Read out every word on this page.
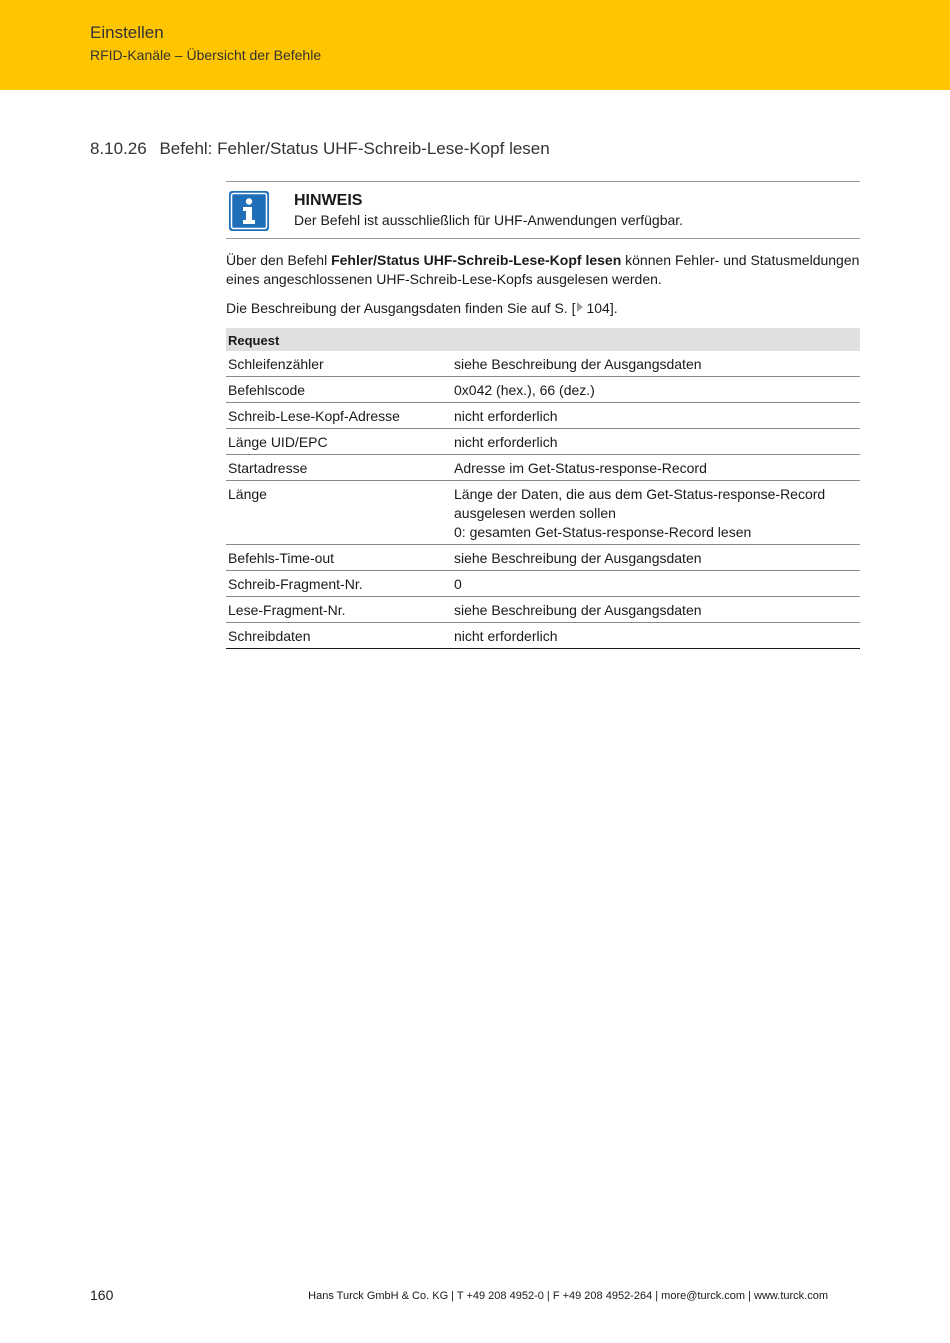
Einstellen
RFID-Kanäle – Übersicht der Befehle
8.10.26 Befehl: Fehler/Status UHF-Schreib-Lese-Kopf lesen
HINWEIS
Der Befehl ist ausschließlich für UHF-Anwendungen verfügbar.
Über den Befehl Fehler/Status UHF-Schreib-Lese-Kopf lesen können Fehler- und Statusmeldungen eines angeschlossenen UHF-Schreib-Lese-Kopfs ausgelesen werden.
Die Beschreibung der Ausgangsdaten finden Sie auf S. [ 104].
Request	
Schleifenzähler	siehe Beschreibung der Ausgangsdaten

Befehlscode	0x042 (hex.), 66 (dez.)

Schreib-Lese-Kopf-Adresse	nicht erforderlich

Länge UID/EPC	nicht erforderlich

Startadresse	Adresse im Get-Status-response-Record

Länge	Länge der Daten, die aus dem Get-Status-response-Record ausgelesen werden sollen
0: gesamten Get-Status-response-Record lesen

Befehls-Time-out	siehe Beschreibung der Ausgangsdaten

Schreib-Fragment-Nr.	0

Lese-Fragment-Nr.	siehe Beschreibung der Ausgangsdaten

Schreibdaten	nicht erforderlich
160	Hans Turck GmbH & Co. KG | T +49 208 4952-0 | F +49 208 4952-264 | more@turck.com | www.turck.com
